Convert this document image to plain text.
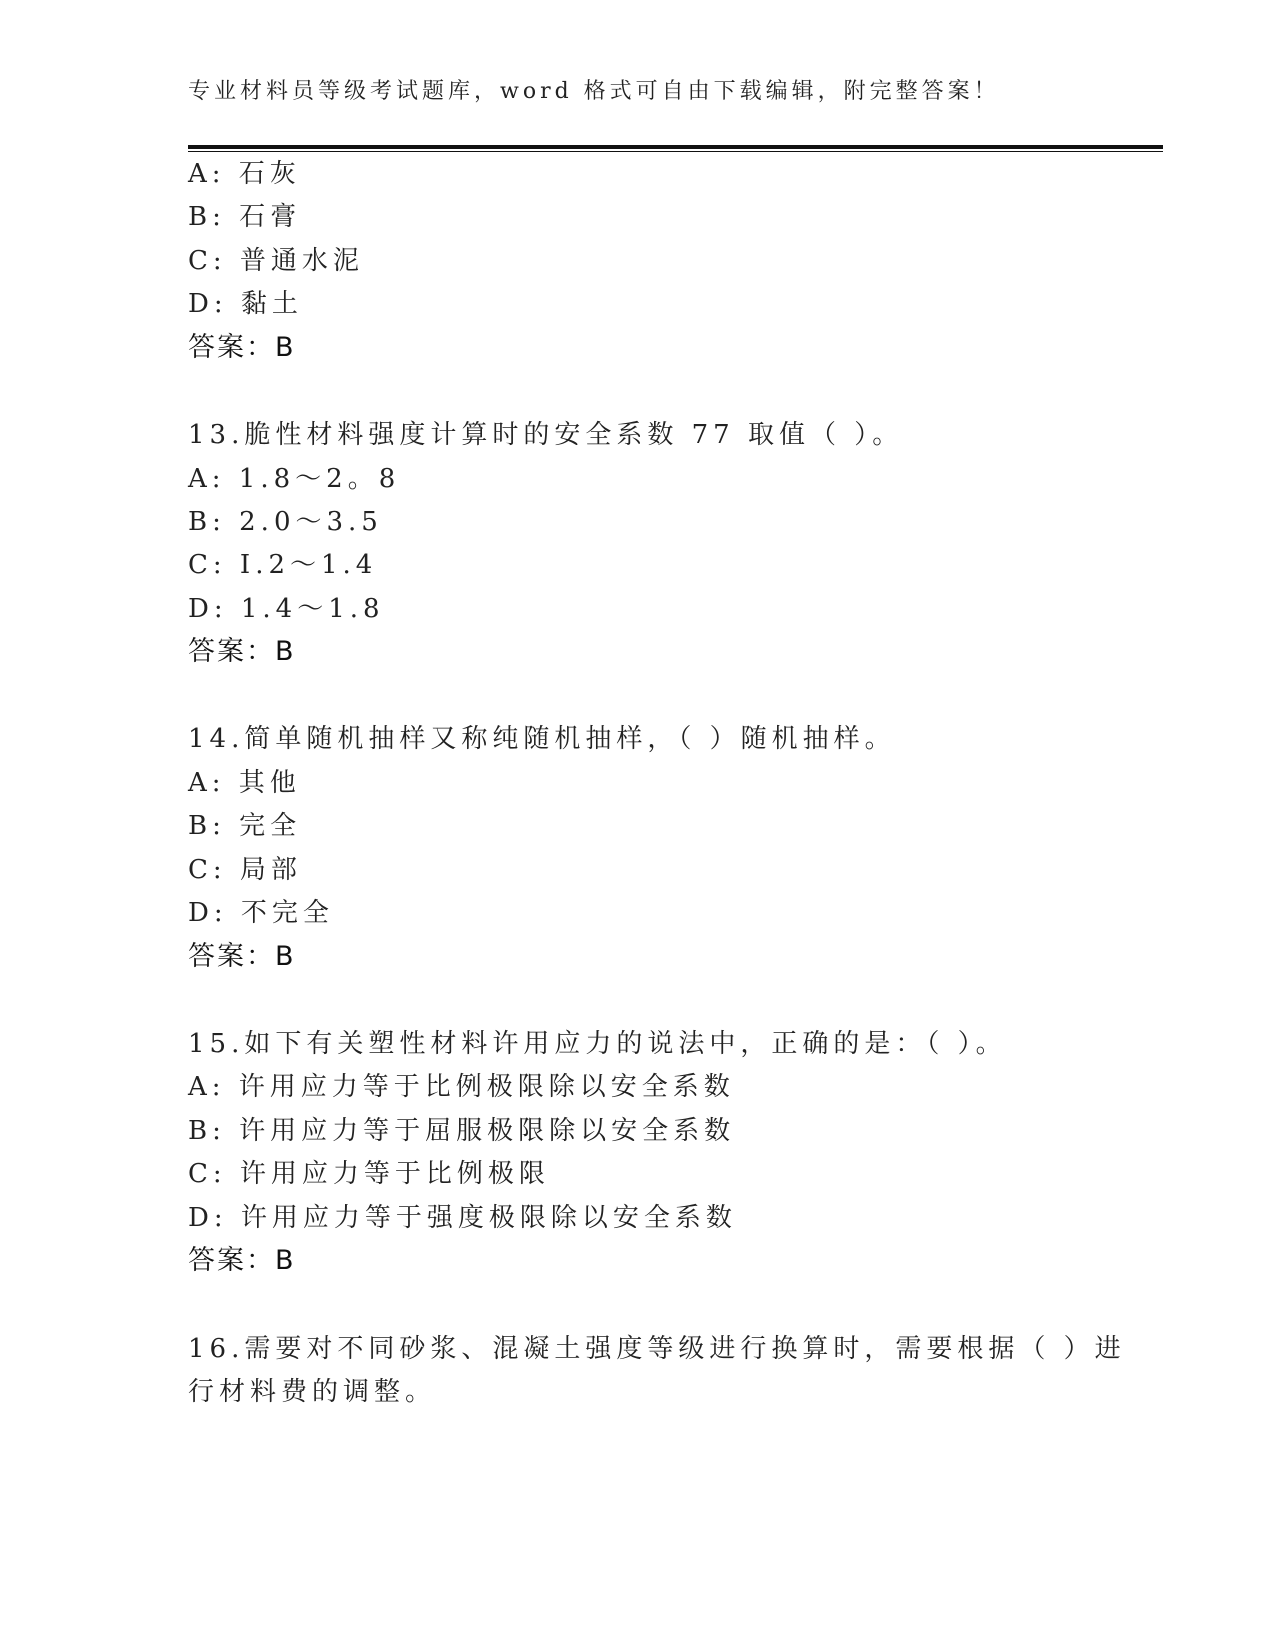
专业材料员等级考试题库，word 格式可自由下载编辑，附完整答案！
A: 石灰
B: 石膏
C: 普通水泥
D: 黏土
答案：B
13.脆性材料强度计算时的安全系数 77 取值（ ）。
A: 1.8～2。8
B: 2.0～3.5
C: I.2～1.4
D: 1.4～1.8
答案：B
14.简单随机抽样又称纯随机抽样，（ ）随机抽样。
A: 其他
B: 完全
C: 局部
D: 不完全
答案：B
15.如下有关塑性材料许用应力的说法中，正确的是：（ ）。
A: 许用应力等于比例极限除以安全系数
B: 许用应力等于屈服极限除以安全系数
C: 许用应力等于比例极限
D: 许用应力等于强度极限除以安全系数
答案：B
16.需要对不同砂浆、混凝土强度等级进行换算时，需要根据（ ）进
行材料费的调整。
